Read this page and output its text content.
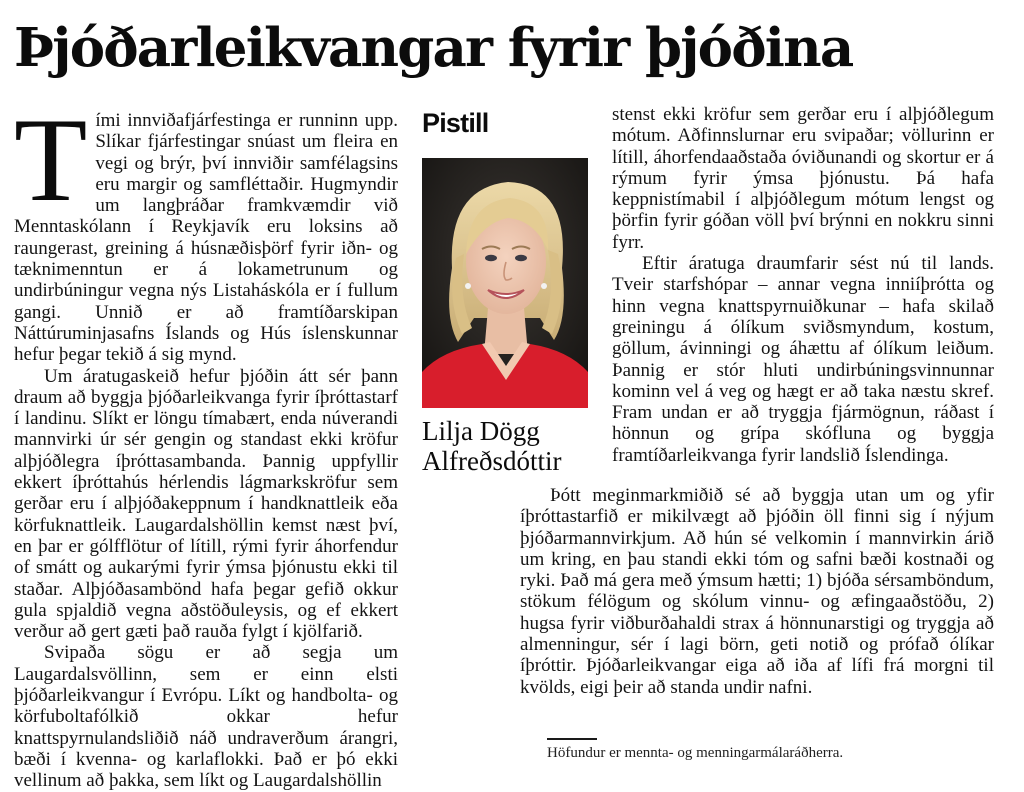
Þjóðarleikvangar fyrir þjóðina
T ími innviðafjárfestinga er runninn upp. Slíkar fjárfestingar snúast um fleira en vegi og brýr, því innviðir samfélagsins eru margir og samfléttaðir. Hugmyndir um langþráðar framkvæmdir við Menntaskólann í Reykjavík eru loksins að raungerast, greining á húsnæðisþörf fyrir iðn- og tæknimenntun er á lokametrunum og undirbúningur vegna nýs Listaháskóla er í fullum gangi. Unnið er að framtíðarskipan Náttúruminjasafns Íslands og Hús íslenskunnar hefur þegar tekið á sig mynd.

Um áratugaskeið hefur þjóðin átt sér þann draum að byggja þjóðarleikvanga fyrir íþróttastarf í landinu. Slíkt er löngu tímabært, enda núverandi mannvirki úr sér gengin og standast ekki kröfur alþjóðlegra íþróttasambanda. Þannig uppfyllir ekkert íþróttahús hérlendis lágmarkskröfur sem gerðar eru í alþjóðakeppnum í handknattleik eða körfuknattleik. Laugardalshöllin kemst næst því, en þar er gólfflötur of lítill, rými fyrir áhorfendur of smátt og aukarými fyrir ýmsa þjónustu ekki til staðar. Alþjóðasambönd hafa þegar gefið okkur gula spjaldið vegna aðstöðuleysis, og ef ekkert verður að gert gæti það rauða fylgt í kjölfarið.

Svipaða sögu er að segja um Laugardalsvöllinn, sem er einn elsti þjóðarleikvangur í Evrópu. Líkt og handbolta- og körfuboltafólkið okkar hefur knattspyrnulandsliðið náð undraverðum árangri, bæði í kvenna- og karlaflokki. Það er þó ekki vellinum að þakka, sem líkt og Laugardalshöllin

Pistill
Lilja Dögg
Alfreðsdóttir

stenst ekki kröfur sem gerðar eru í alþjóðlegum mótum. Aðfinnslurnar eru svipaðar; völlurinn er lítill, áhorfendaaðstaða óviðunandi og skortur er á rýmum fyrir ýmsa þjónustu. Þá hafa keppnistímabil í alþjóðlegum mótum lengst og þörfin fyrir góðan völl því brýnni en nokkru sinni fyrr.

Eftir áratuga draumfarir sést nú til lands. Tveir starfshópar – annar vegna inniíþrótta og hinn vegna knattspyrnuiðkunar – hafa skilað greiningu á ólíkum sviðsmyndum, kostum, göllum, ávinningi og áhættu af ólíkum leiðum. Þannig er stór hluti undirbúningsvinnunnar kominn vel á veg og hægt er að taka næstu skref. Fram undan er að tryggja fjármögnun, ráðast í hönnun og grípa skófluna og byggja framtíðarleikvanga fyrir landslið Íslendinga.

Þótt meginmarkmiðið sé að byggja utan um og yfir íþróttastarfið er mikilvægt að þjóðin öll finni sig í nýjum þjóðarmannvirkjum. Að hún sé velkomin í mannvirkin árið um kring, en þau standi ekki tóm og safni bæði kostnaði og ryki. Það má gera með ýmsum hætti; 1) bjóða sérsamböndum, stökum félögum og skólum vinnu- og æfingaaðstöðu, 2) hugsa fyrir viðburðahaldi strax á hönnunarstigi og tryggja að almenningur, sér í lagi börn, geti notið og prófað ólíkar íþróttir. Þjóðarleikvangar eiga að iða af lífi frá morgni til kvölds, eigi þeir að standa undir nafni.

Höfundur er mennta- og menningarmálaráðherra.
